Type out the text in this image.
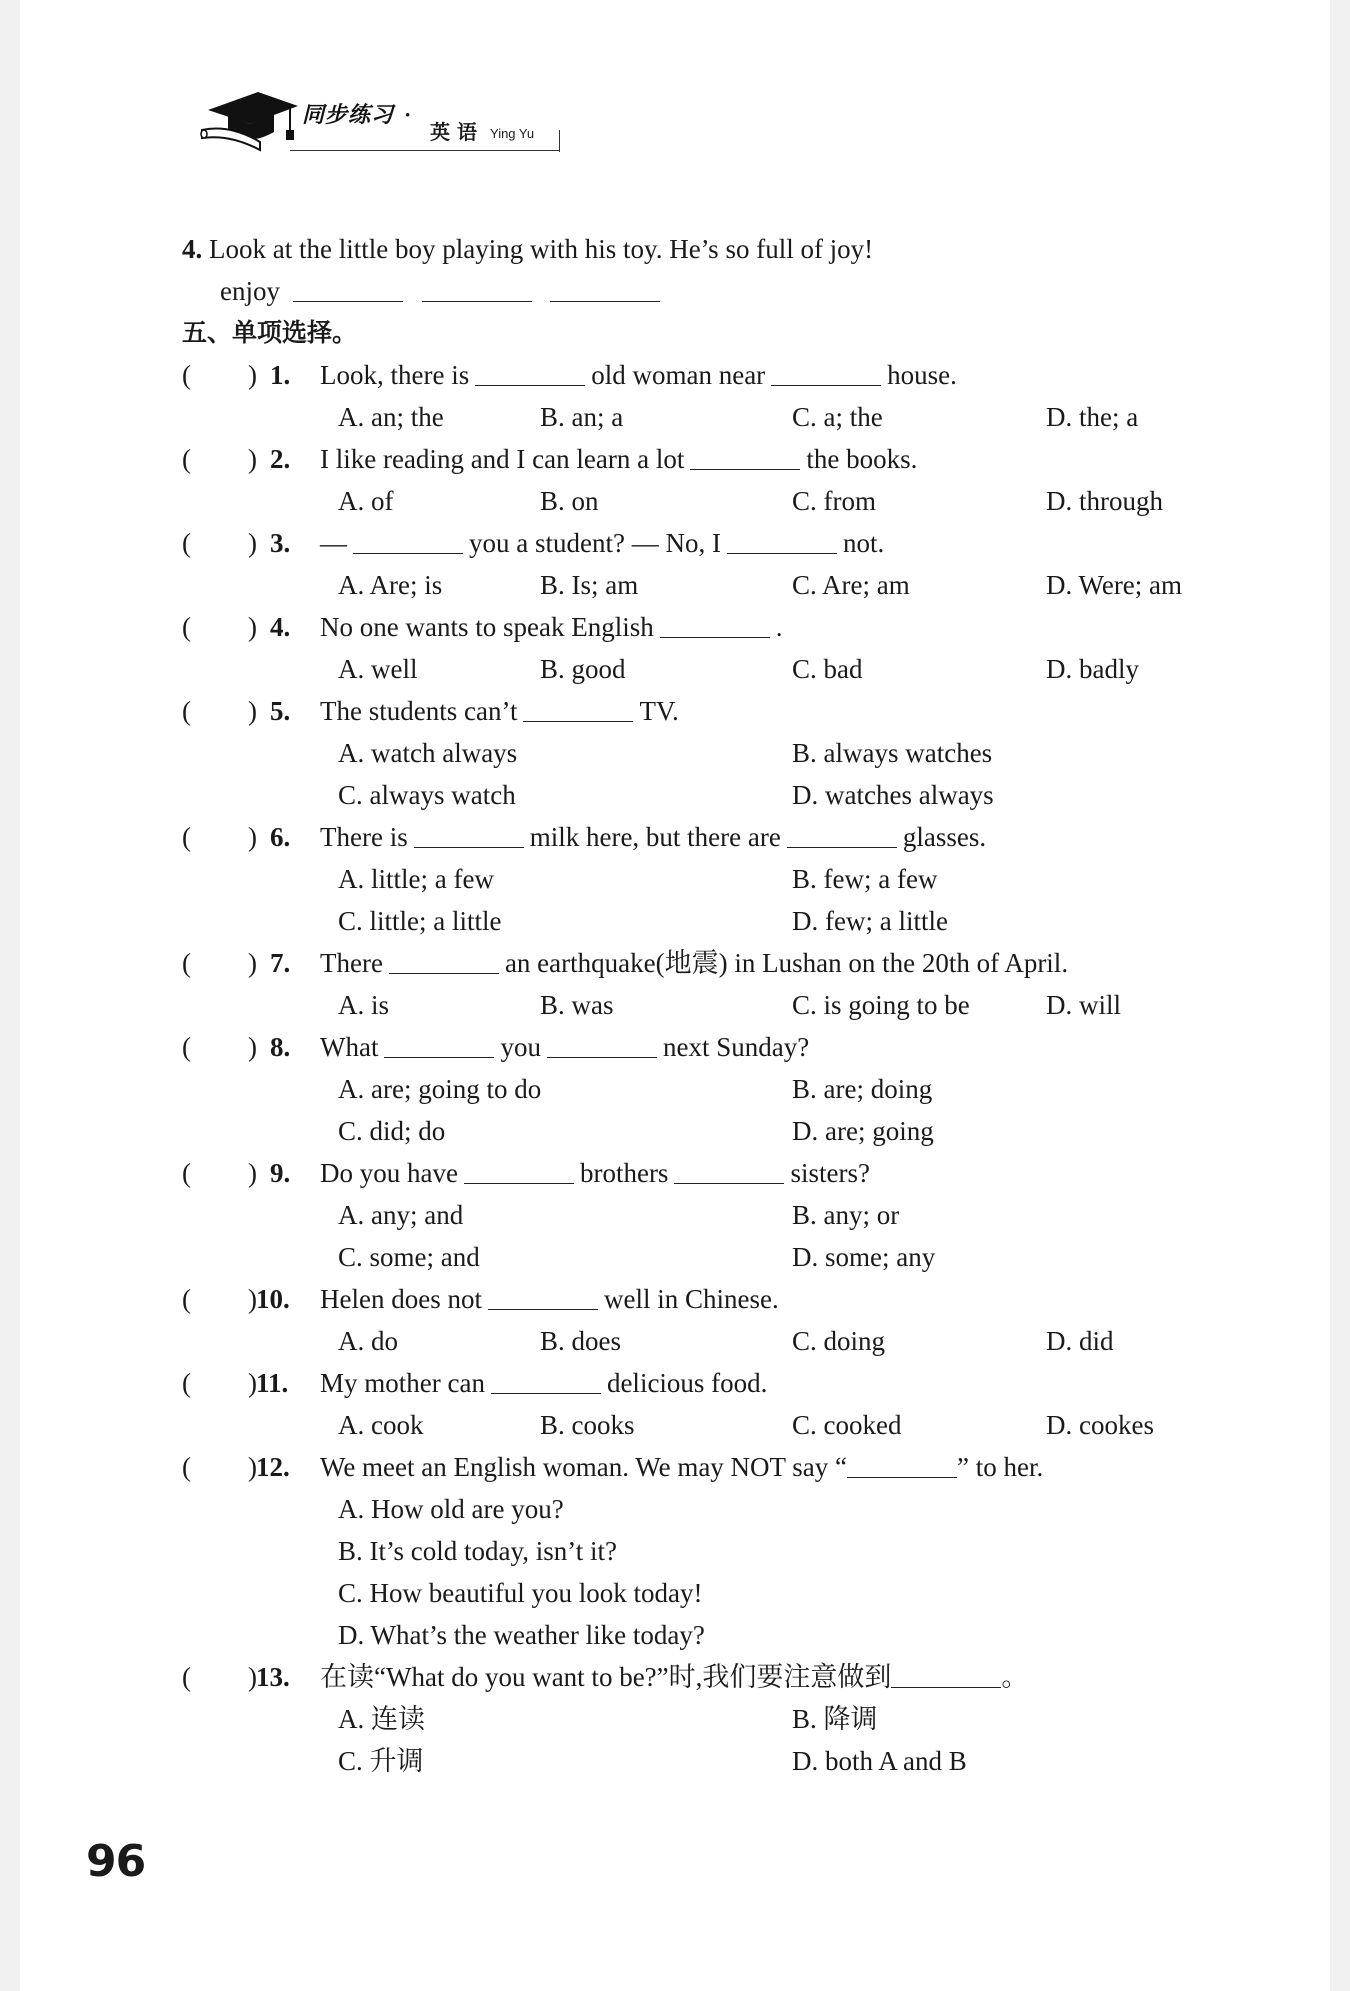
同步练习 ·
英 语 Ying Yu
4. Look at the little boy playing with his toy. He’s so full of joy!
enjoy
五、单项选择。
( ) 1. Look, there is	old woman near	house.
A. an; the	B. an; a	C. a; the	D. the; a
( ) 2. I like reading and I can learn a lot	the books.
A. of	B. on	C. from	D. through
( ) 3. —	you a student? — No, I	not.
A. Are; is	B. Is; am	C. Are; am	D. Were; am
( ) 4. No one wants to speak English	.
A. well	B. good	C. bad	D. badly
( ) 5. The students can’t	TV.
A. watch always	B. always watches
C. always watch	D. watches always
( ) 6. There is	milk here, but there are	glasses.
A. little; a few	B. few; a few
C. little; a little	D. few; a little
( ) 7. There	an earthquake(地震) in Lushan on the 20th of April.
A. is	B. was	C. is going to be	D. will
( ) 8. What	you	next Sunday?
A. are; going to do	B. are; doing
C. did; do	D. are; going
( ) 9. Do you have	brothers	sisters?
A. any; and	B. any; or
C. some; and	D. some; any
( ) 10. Helen does not	well in Chinese.
A. do	B. does	C. doing	D. did
( ) 11. My mother can	delicious food.
A. cook	B. cooks	C. cooked	D. cookes
( ) 12. We meet an English woman. We may NOT say “	” to her.
A. How old are you?
B. It’s cold today, isn’t it?
C. How beautiful you look today!
D. What’s the weather like today?
( ) 13. 在读“What do you want to be?”时,我们要注意做到	。
A. 连读	B. 降调
C. 升调	D. both A and B
96
